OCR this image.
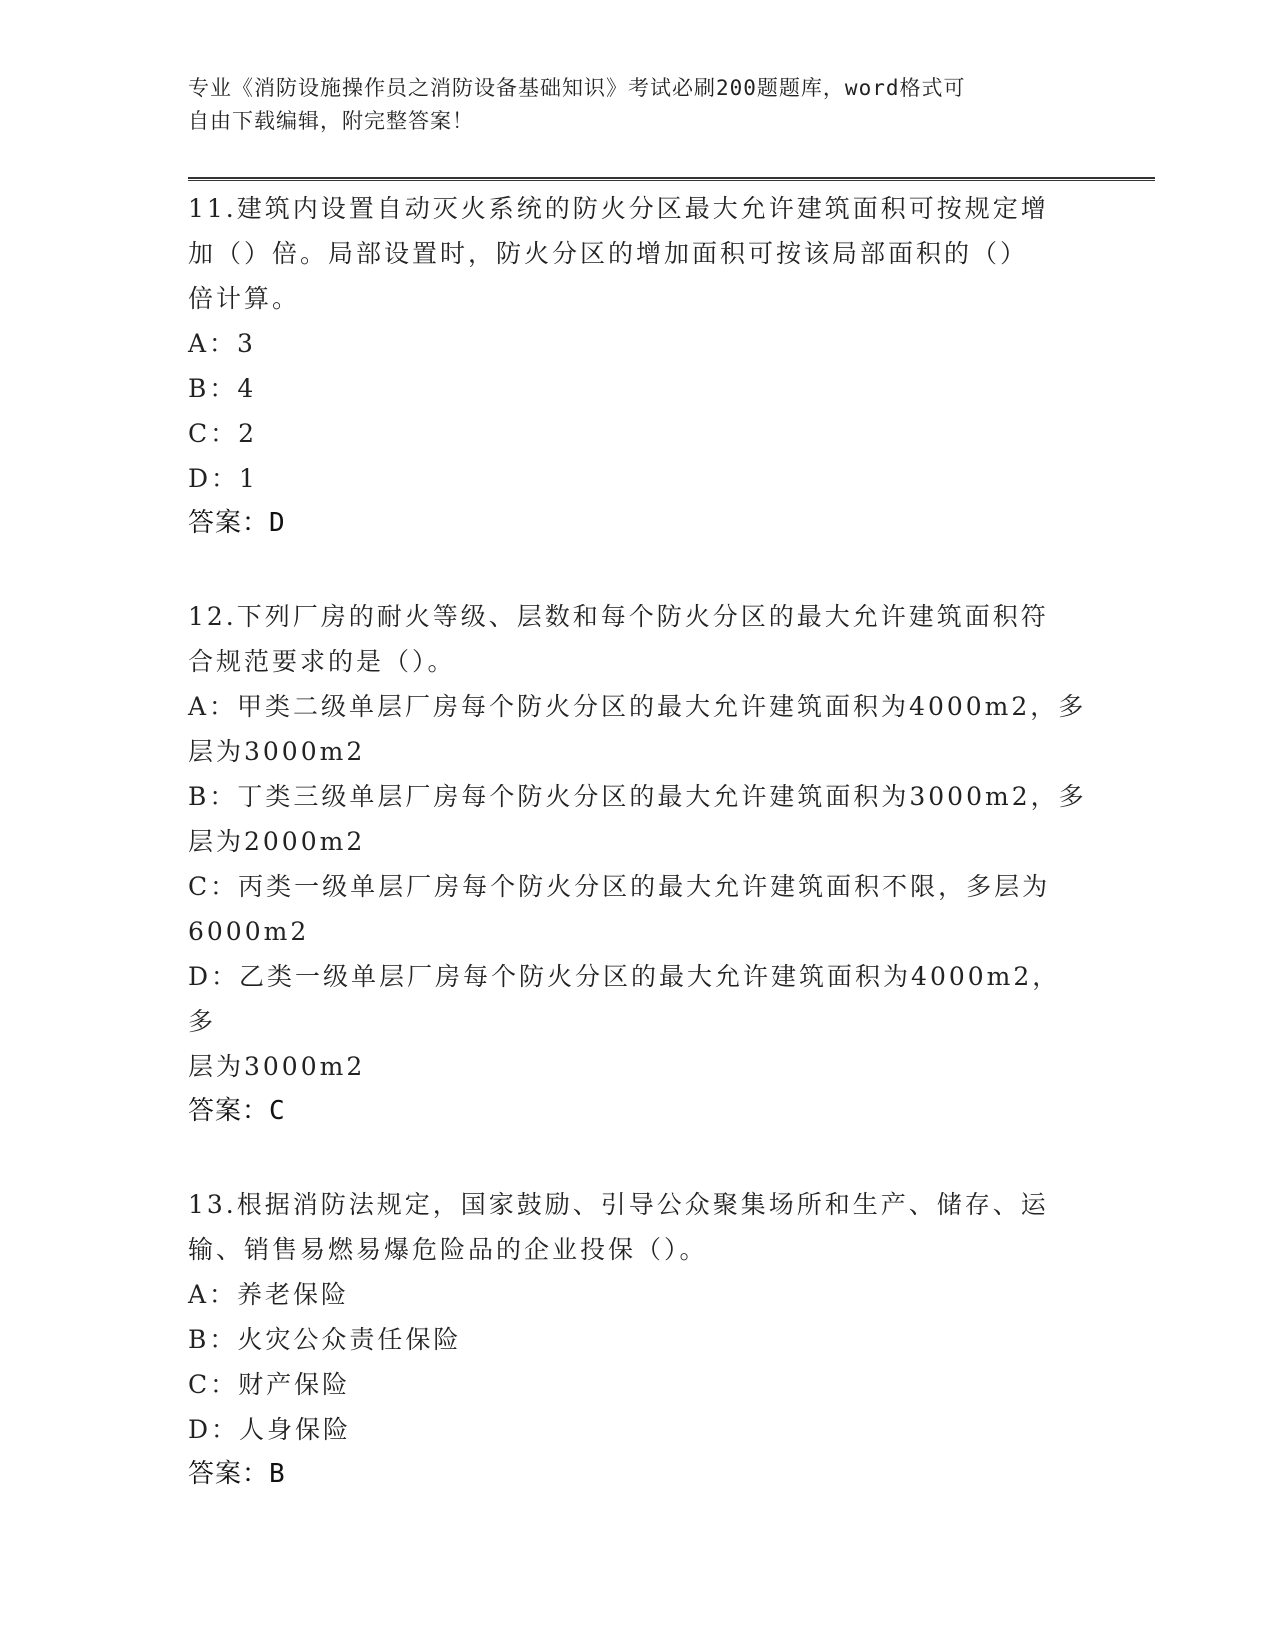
专业《消防设施操作员之消防设备基础知识》考试必刷200题题库，word格式可
自由下载编辑，附完整答案！
11.建筑内设置自动灭火系统的防火分区最大允许建筑面积可按规定增
加（）倍。局部设置时，防火分区的增加面积可按该局部面积的（）
倍计算。
A：3
B：4
C：2
D：1
答案：D
12.下列厂房的耐火等级、层数和每个防火分区的最大允许建筑面积符
合规范要求的是（）。
A：甲类二级单层厂房每个防火分区的最大允许建筑面积为4000m2，多
层为3000m2
B：丁类三级单层厂房每个防火分区的最大允许建筑面积为3000m2，多
层为2000m2
C：丙类一级单层厂房每个防火分区的最大允许建筑面积不限，多层为
6000m2
D：乙类一级单层厂房每个防火分区的最大允许建筑面积为4000m2，多
层为3000m2
答案：C
13.根据消防法规定，国家鼓励、引导公众聚集场所和生产、储存、运
输、销售易燃易爆危险品的企业投保（）。
A：养老保险
B：火灾公众责任保险
C：财产保险
D：人身保险
答案：B
